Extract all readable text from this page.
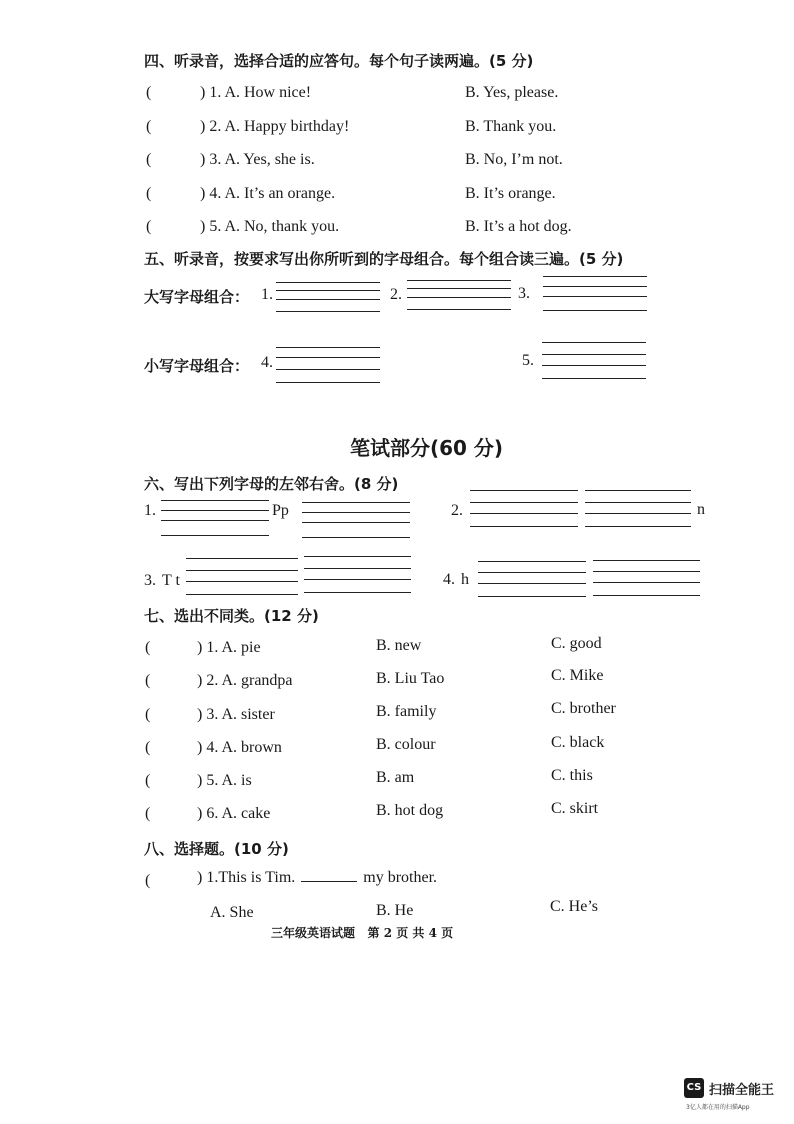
四、听录音，选择合适的应答句。每个句子读两遍。(5 分)
(	) 1. A. How nice!	B. Yes, please.
(	) 2. A. Happy birthday!	B. Thank you.
(	) 3. A. Yes, she is.	B. No, I’m not.
(	) 4. A. It’s an orange.	B. It’s orange.
(	) 5. A. No, thank you.	B. It’s a hot dog.
五、听录音，按要求写出你所听到的字母组合。每个组合读三遍。(5 分)
大写字母组合： 1.	2.	3.
小写字母组合： 4.	5.
笔试部分(60 分)
六、写出下列字母的左邻右舍。(8 分)
1.	Pp	2.	n
3. T t	4. h
七、选出不同类。(12 分)
(	) 1. A. pie	B. new	C. good
(	) 2. A. grandpa	B. Liu Tao	C. Mike
(	) 3. A. sister	B. family	C. brother
(	) 4. A. brown	B. colour	C. black
(	) 5. A. is	B. am	C. this
(	) 6. A. cake	B. hot dog	C. skirt
八、选择题。(10 分)
(	) 1.This is Tim.	my brother.
A. She	B. He	C. He’s
三年级英语试题   第 2 页 共 4 页
CS 扫描全能王
3亿人都在用的扫描App
